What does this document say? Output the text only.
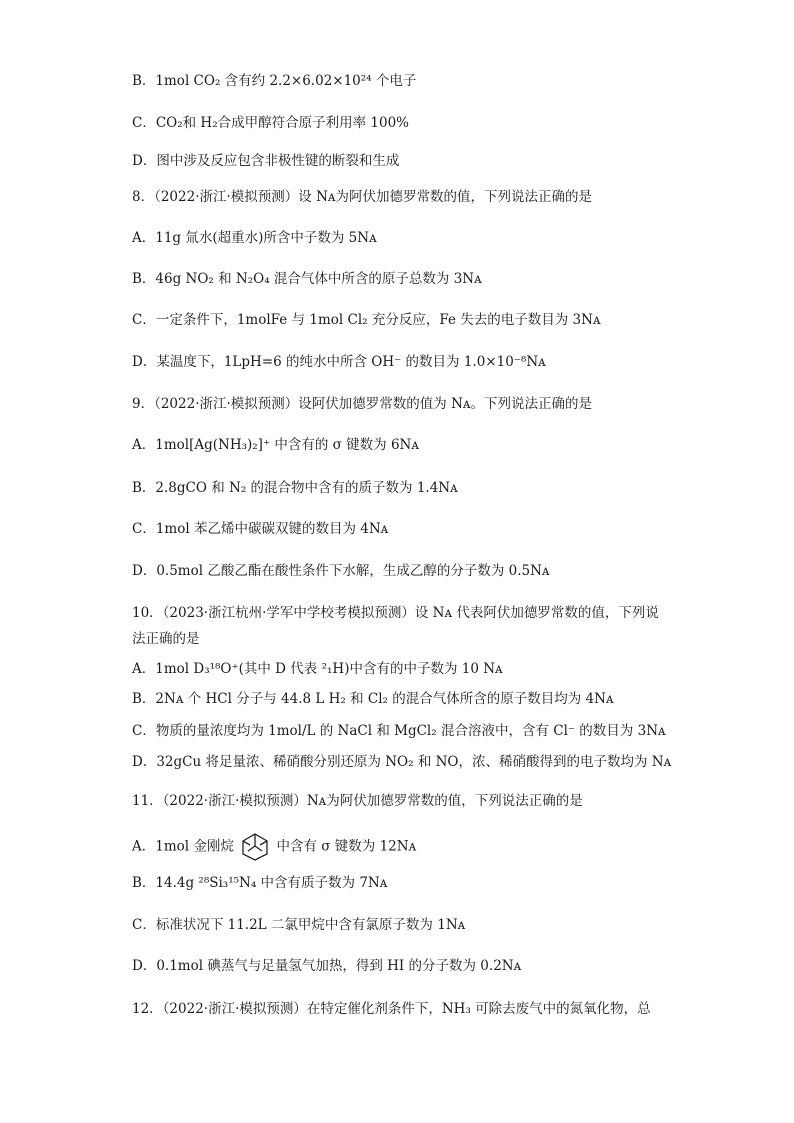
B．1mol CO₂ 含有约 2.2×6.02×10²⁴ 个电子
C．CO₂和 H₂合成甲醇符合原子利用率 100%
D．图中涉及反应包含非极性键的断裂和生成
8．（2022·浙江·模拟预测）设 Nᴀ为阿伏加德罗常数的值，下列说法正确的是
A．11g 氚水(超重水)所含中子数为 5Nᴀ
B．46g NO₂ 和 N₂O₄ 混合气体中所含的原子总数为 3Nᴀ
C．一定条件下，1molFe 与 1mol Cl₂ 充分反应，Fe 失去的电子数目为 3Nᴀ
D．某温度下，1LpH=6 的纯水中所含 OH⁻ 的数目为 1.0×10⁻⁸Nᴀ
9．（2022·浙江·模拟预测）设阿伏加德罗常数的值为 Nᴀ。下列说法正确的是
A．1mol[Ag(NH₃)₂]⁺ 中含有的 σ 键数为 6Nᴀ
B．2.8gCO 和 N₂ 的混合物中含有的质子数为 1.4Nᴀ
C．1mol 苯乙烯中碳碳双键的数目为 4Nᴀ
D．0.5mol 乙酸乙酯在酸性条件下水解，生成乙醇的分子数为 0.5Nᴀ
10．（2023·浙江杭州·学军中学校考模拟预测）设 Nᴀ 代表阿伏加德罗常数的值，下列说
法正确的是
A．1mol D₃¹⁸O⁺(其中 D 代表 ²₁H)中含有的中子数为 10 Nᴀ
B．2Nᴀ 个 HCl 分子与 44.8 L H₂ 和 Cl₂ 的混合气体所含的原子数目均为 4Nᴀ
C．物质的量浓度均为 1mol/L 的 NaCl 和 MgCl₂ 混合溶液中，含有 Cl⁻ 的数目为 3Nᴀ
D．32gCu 将足量浓、稀硝酸分别还原为 NO₂ 和 NO，浓、稀硝酸得到的电子数均为 Nᴀ
11．（2022·浙江·模拟预测）Nᴀ为阿伏加德罗常数的值，下列说法正确的是
A．1mol 金刚烷	中含有 σ 键数为 12Nᴀ
B．14.4g ²⁸Si₃¹⁵N₄ 中含有质子数为 7Nᴀ
C．标准状况下 11.2L 二氯甲烷中含有氯原子数为 1Nᴀ
D．0.1mol 碘蒸气与足量氢气加热，得到 HI 的分子数为 0.2Nᴀ
12．（2022·浙江·模拟预测）在特定催化剂条件下，NH₃ 可除去废气中的氮氧化物，总
